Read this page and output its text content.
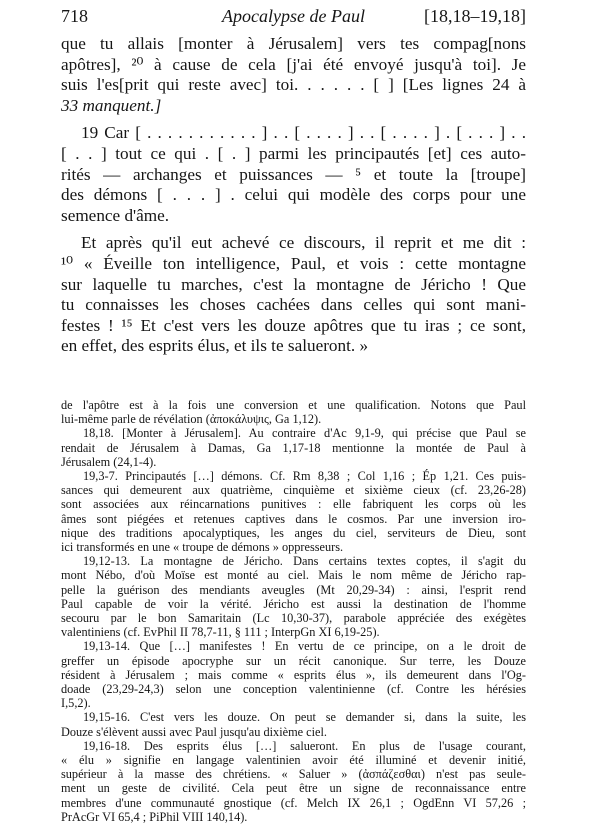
718	Apocalypse de Paul	[18,18–19,18]

que tu allais [monter à Jérusalem] vers tes compag[nons
apôtres], ²⁰ à cause de cela [j'ai été envoyé jusqu'à toi]. Je
suis l'es[prit qui reste avec] toi. . . . . . [ ] [Les lignes 24 à
33 manquent.]

19 Car [ . . . . . . . . . . . ] . . [ . . . . ] . . [ . . . . ] . [ . . . ] . .
[ . . ] tout ce qui . [ . ] parmi les principautés [et] ces auto-
rités — archanges et puissances — ⁵ et toute la [troupe]
des démons [ . . . ] . celui qui modèle des corps pour une
semence d'âme.

Et après qu'il eut achevé ce discours, il reprit et me dit :
¹⁰ « Éveille ton intelligence, Paul, et vois : cette montagne
sur laquelle tu marches, c'est la montagne de Jéricho ! Que
tu connaisses les choses cachées dans celles qui sont mani-
festes ! ¹⁵ Et c'est vers les douze apôtres que tu iras ; ce sont,
en effet, des esprits élus, et ils te salueront. »

de l'apôtre est à la fois une conversion et une qualification. Notons que Paul
lui-même parle de révélation (ἀποκάλυψις, Ga 1,12).
18,18. [Monter à Jérusalem]. Au contraire d'Ac 9,1-9, qui précise que Paul se
rendait de Jérusalem à Damas, Ga 1,17-18 mentionne la montée de Paul à
Jérusalem (24,1-4).
19,3-7. Principautés […] démons. Cf. Rm 8,38 ; Col 1,16 ; Ép 1,21. Ces puis-
sances qui demeurent aux quatrième, cinquième et sixième cieux (cf. 23,26-28)
sont associées aux réincarnations punitives : elle fabriquent les corps où les
âmes sont piégées et retenues captives dans le cosmos. Par une inversion iro-
nique des traditions apocalyptiques, les anges du ciel, serviteurs de Dieu, sont
ici transformés en une « troupe de démons » oppresseurs.
19,12-13. La montagne de Jéricho. Dans certains textes coptes, il s'agit du
mont Nébo, d'où Moïse est monté au ciel. Mais le nom même de Jéricho rap-
pelle la guérison des mendiants aveugles (Mt 20,29-34) : ainsi, l'esprit rend
Paul capable de voir la vérité. Jéricho est aussi la destination de l'homme
secouru par le bon Samaritain (Lc 10,30-37), parabole appréciée des exégètes
valentiniens (cf. EvPhil II 78,7-11, § 111 ; InterpGn XI 6,19-25).
19,13-14. Que […] manifestes ! En vertu de ce principe, on a le droit de
greffer un épisode apocryphe sur un récit canonique. Sur terre, les Douze
résident à Jérusalem ; mais comme « esprits élus », ils demeurent dans l'Og-
doade (23,29-24,3) selon une conception valentinienne (cf. Contre les hérésies
I,5,2).
19,15-16. C'est vers les douze. On peut se demander si, dans la suite, les
Douze s'élèvent aussi avec Paul jusqu'au dixième ciel.
19,16-18. Des esprits élus […] salueront. En plus de l'usage courant,
« élu » signifie en langage valentinien avoir été illuminé et devenir initié,
supérieur à la masse des chrétiens. « Saluer » (ἀσπάζεσθαι) n'est pas seule-
ment un geste de civilité. Cela peut être un signe de reconnaissance entre
membres d'une communauté gnostique (cf. Melch IX 26,1 ; OgdEnn VI 57,26 ;
PrAcGr VI 65,4 ; PiPhil VIII 140,14).
